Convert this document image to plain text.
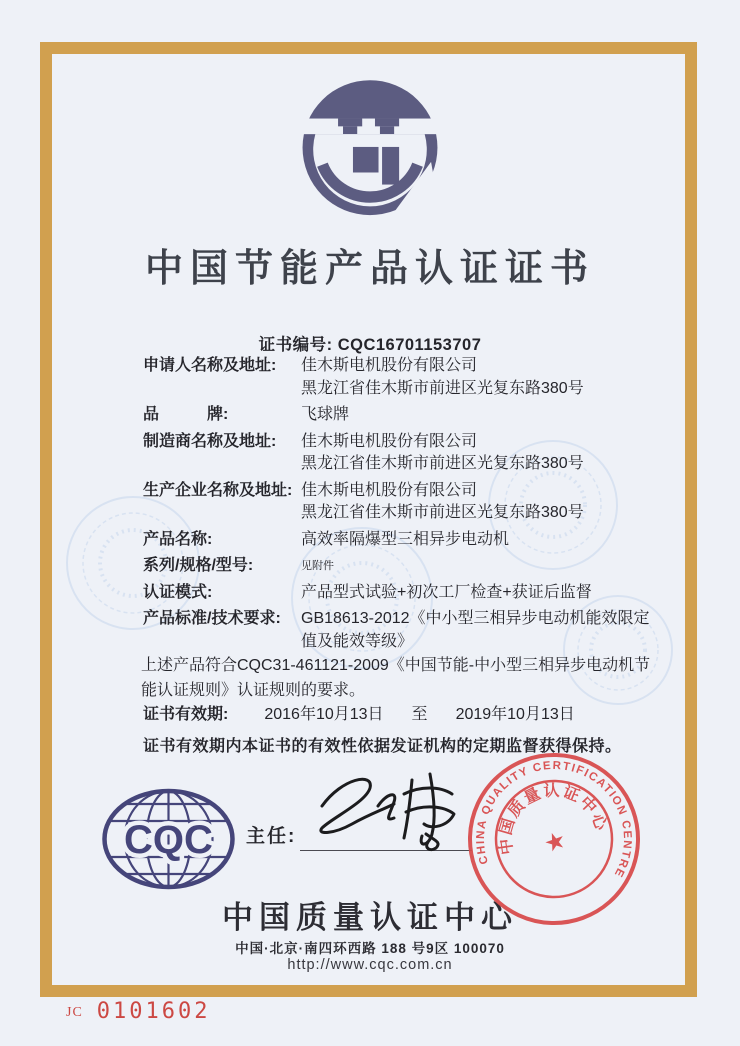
中国节能产品认证证书
证书编号: CQC16701153707
申请人名称及地址:	佳木斯电机股份有限公司
黑龙江省佳木斯市前进区光复东路380号
品　　　牌:	飞球牌
制造商名称及地址:	佳木斯电机股份有限公司
黑龙江省佳木斯市前进区光复东路380号
生产企业名称及地址: 佳木斯电机股份有限公司
黑龙江省佳木斯市前进区光复东路380号
产品名称:	高效率隔爆型三相异步电动机
系列/规格/型号:	见附件
认证模式:	产品型式试验+初次工厂检查+获证后监督
产品标准/技术要求:	GB18613-2012《中小型三相异步电动机能效限定
值及能效等级》
上述产品符合CQC31-461121-2009《中国节能-中小型三相异步电动机节能认证规则》认证规则的要求。
证书有效期: 2016年10月13日 至 2019年10月13日
证书有效期内本证书的有效性依据发证机构的定期监督获得保持。
CQC 主任:
CHINA QUALITY CERTIFICATION CENTRE
中国质量认证中心
★
中国质量认证中心
中国·北京·南四环西路 188 号9区 100070
http://www.cqc.com.cn
JC 0101602
